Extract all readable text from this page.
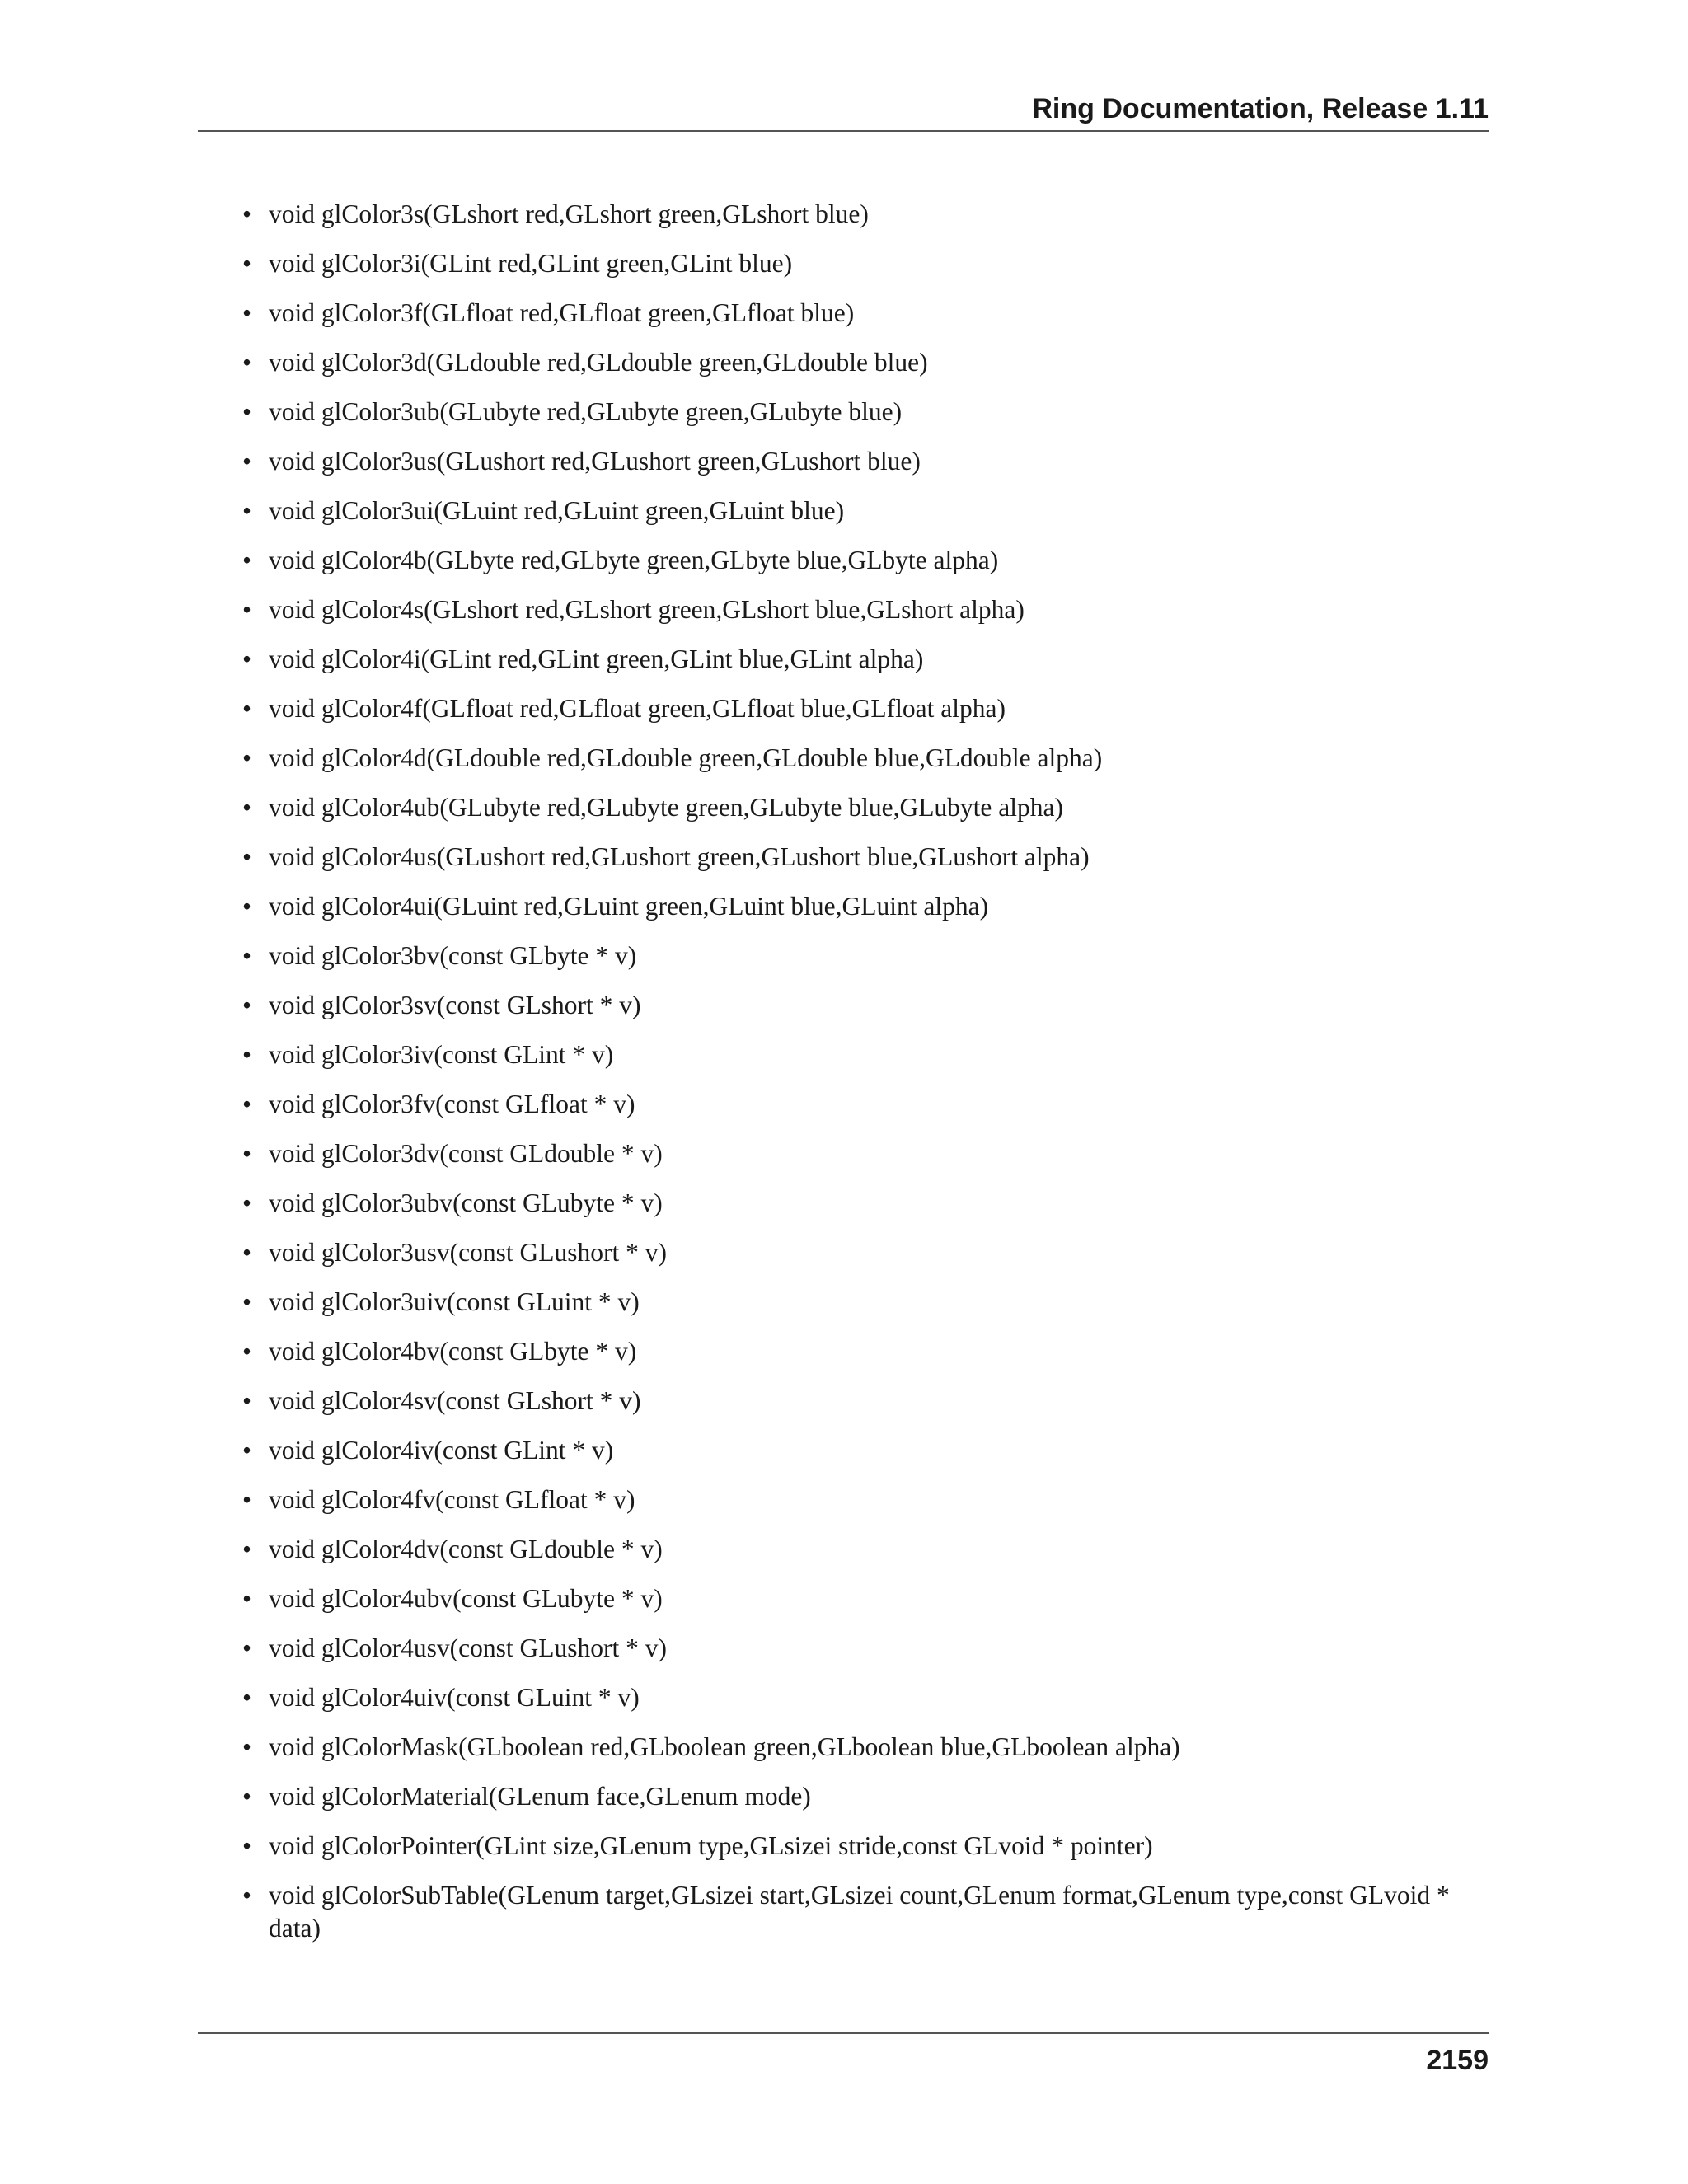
Ring Documentation, Release 1.11
• void glColor3s(GLshort red,GLshort green,GLshort blue)
• void glColor3i(GLint red,GLint green,GLint blue)
• void glColor3f(GLfloat red,GLfloat green,GLfloat blue)
• void glColor3d(GLdouble red,GLdouble green,GLdouble blue)
• void glColor3ub(GLubyte red,GLubyte green,GLubyte blue)
• void glColor3us(GLushort red,GLushort green,GLushort blue)
• void glColor3ui(GLuint red,GLuint green,GLuint blue)
• void glColor4b(GLbyte red,GLbyte green,GLbyte blue,GLbyte alpha)
• void glColor4s(GLshort red,GLshort green,GLshort blue,GLshort alpha)
• void glColor4i(GLint red,GLint green,GLint blue,GLint alpha)
• void glColor4f(GLfloat red,GLfloat green,GLfloat blue,GLfloat alpha)
• void glColor4d(GLdouble red,GLdouble green,GLdouble blue,GLdouble alpha)
• void glColor4ub(GLubyte red,GLubyte green,GLubyte blue,GLubyte alpha)
• void glColor4us(GLushort red,GLushort green,GLushort blue,GLushort alpha)
• void glColor4ui(GLuint red,GLuint green,GLuint blue,GLuint alpha)
• void glColor3bv(const GLbyte * v)
• void glColor3sv(const GLshort * v)
• void glColor3iv(const GLint * v)
• void glColor3fv(const GLfloat * v)
• void glColor3dv(const GLdouble * v)
• void glColor3ubv(const GLubyte * v)
• void glColor3usv(const GLushort * v)
• void glColor3uiv(const GLuint * v)
• void glColor4bv(const GLbyte * v)
• void glColor4sv(const GLshort * v)
• void glColor4iv(const GLint * v)
• void glColor4fv(const GLfloat * v)
• void glColor4dv(const GLdouble * v)
• void glColor4ubv(const GLubyte * v)
• void glColor4usv(const GLushort * v)
• void glColor4uiv(const GLuint * v)
• void glColorMask(GLboolean red,GLboolean green,GLboolean blue,GLboolean alpha)
• void glColorMaterial(GLenum face,GLenum mode)
• void glColorPointer(GLint size,GLenum type,GLsizei stride,const GLvoid * pointer)
• void glColorSubTable(GLenum target,GLsizei start,GLsizei count,GLenum format,GLenum type,const GLvoid * data)
2159
